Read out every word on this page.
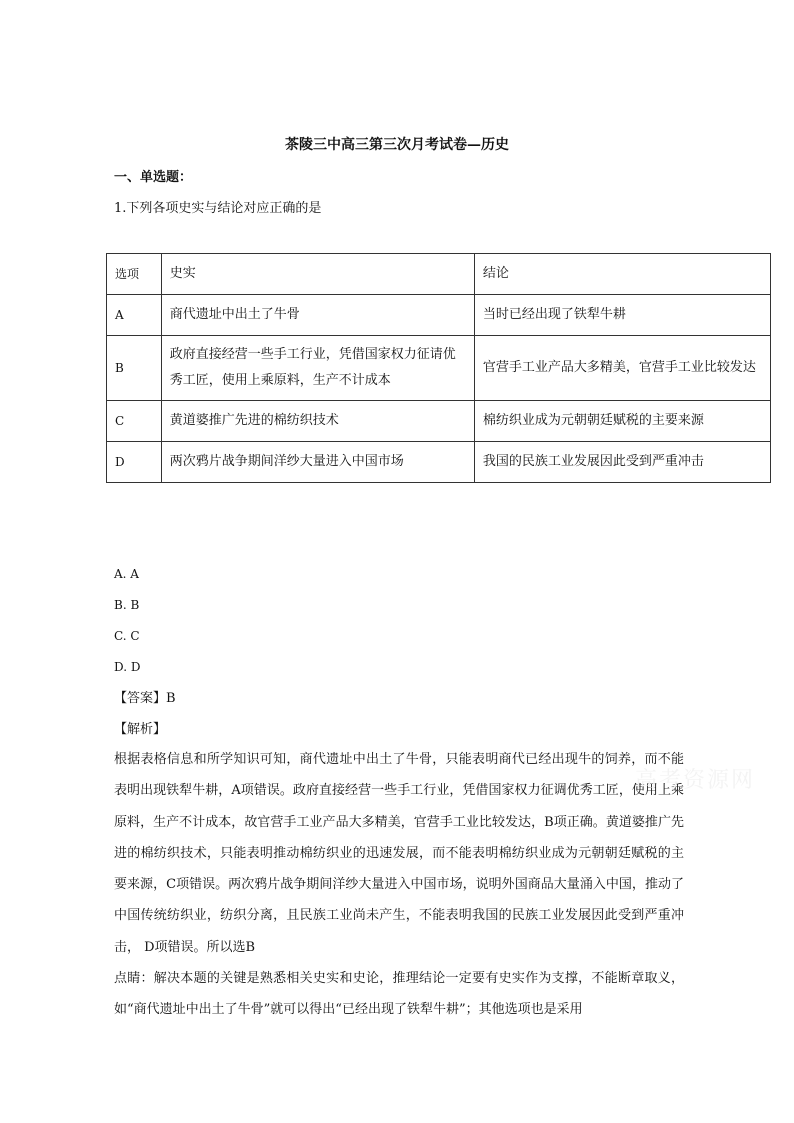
茶陵三中高三第三次月考试卷—历史
一、单选题：
1.下列各项史实与结论对应正确的是
选项	史实	结论
A	商代遗址中出土了牛骨	当时已经出现了铁犁牛耕
B	政府直接经营一些手工行业，凭借国家权力征请优秀工匠，使用上乘原料，生产不计成本	官营手工业产品大多精美，官营手工业比较发达
C	黄道婆推广先进的棉纺织技术	棉纺织业成为元朝朝廷赋税的主要来源
D	两次鸦片战争期间洋纱大量进入中国市场	我国的民族工业发展因此受到严重冲击
A. A
B. B
C. C
D. D
【答案】B
【解析】

根据表格信息和所学知识可知，商代遗址中出土了牛骨，只能表明商代已经出现牛的饲养，而不能表明出现铁犁牛耕，A项错误。政府直接经营一些手工行业，凭借国家权力征调优秀工匠，使用上乘原料，生产不计成本，故官营手工业产品大多精美，官营手工业比较发达，B项正确。黄道婆推广先进的棉纺织技术，只能表明推动棉纺织业的迅速发展，而不能表明棉纺织业成为元朝朝廷赋税的主要来源，C项错误。两次鸦片战争期间洋纱大量进入中国市场，说明外国商品大量涌入中国，推动了中国传统纺织业，纺织分离，且民族工业尚未产生，不能表明我国的民族工业发展因此受到严重冲击， D项错误。所以选B

点睛：解决本题的关键是熟悉相关史实和史论，推理结论一定要有史实作为支撑，不能断章取义，如“商代遗址中出土了牛骨”就可以得出“已经出现了铁犁牛耕”；其他选项也是采用

高考资源网
